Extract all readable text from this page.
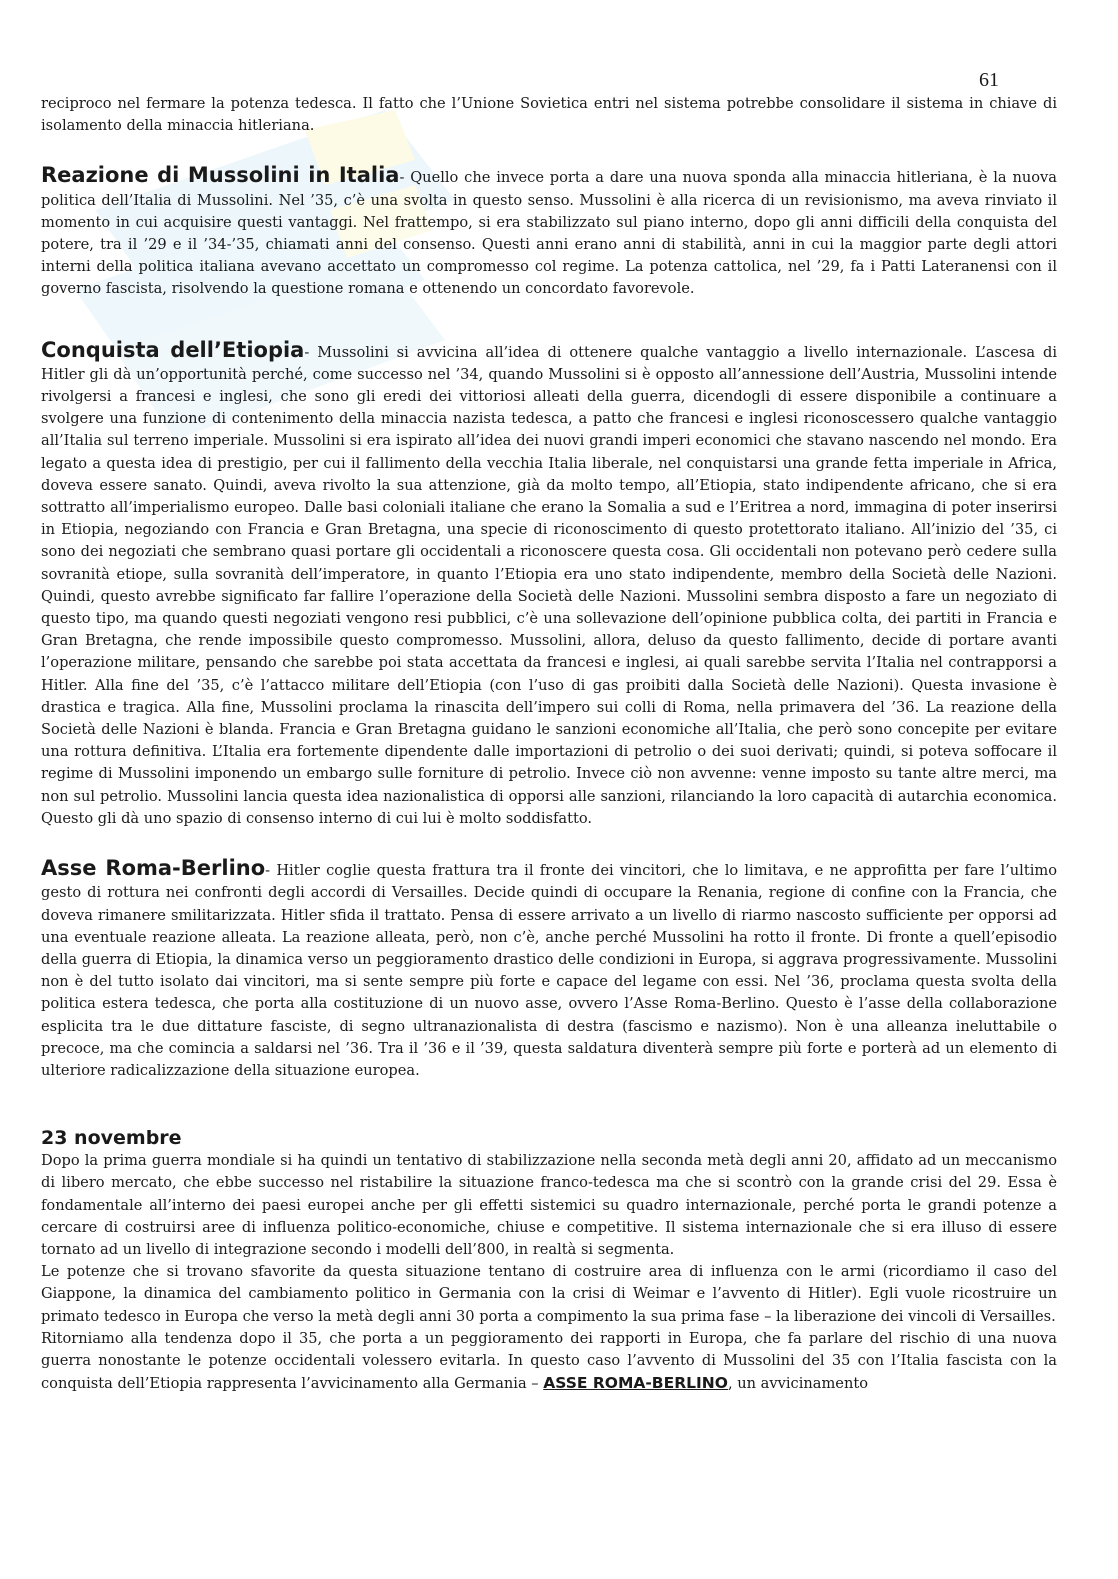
61

reciproco nel fermare la potenza tedesca. Il fatto che l’Unione Sovietica entri nel sistema potrebbe consolidare il sistema in chiave di isolamento della minaccia hitleriana.

Reazione di Mussolini in Italia- Quello che invece porta a dare una nuova sponda alla minaccia hitleriana, è la nuova politica dell’Italia di Mussolini. Nel ’35, c’è una svolta in questo senso. Mussolini è alla ricerca di un revisionismo, ma aveva rinviato il momento in cui acquisire questi vantaggi. Nel frattempo, si era stabilizzato sul piano interno, dopo gli anni difficili della conquista del potere, tra il ’29 e il ’34-’35, chiamati anni del consenso. Questi anni erano anni di stabilità, anni in cui la maggior parte degli attori interni della politica italiana avevano accettato un compromesso col regime. La potenza cattolica, nel ’29, fa i Patti Lateranensi con il governo fascista, risolvendo la questione romana e ottenendo un concordato favorevole.

Conquista dell’Etiopia- Mussolini si avvicina all’idea di ottenere qualche vantaggio a livello internazionale. L’ascesa di Hitler gli dà un’opportunità perché, come successo nel ’34, quando Mussolini si è opposto all’annessione dell’Austria, Mussolini intende rivolgersi a francesi e inglesi, che sono gli eredi dei vittoriosi alleati della guerra, dicendogli di essere disponibile a continuare a svolgere una funzione di contenimento della minaccia nazista tedesca, a patto che francesi e inglesi riconoscessero qualche vantaggio all’Italia sul terreno imperiale. Mussolini si era ispirato all’idea dei nuovi grandi imperi economici che stavano nascendo nel mondo. Era legato a questa idea di prestigio, per cui il fallimento della vecchia Italia liberale, nel conquistarsi una grande fetta imperiale in Africa, doveva essere sanato. Quindi, aveva rivolto la sua attenzione, già da molto tempo, all’Etiopia, stato indipendente africano, che si era sottratto all’imperialismo europeo. Dalle basi coloniali italiane che erano la Somalia a sud e l’Eritrea a nord, immagina di poter inserirsi in Etiopia, negoziando con Francia e Gran Bretagna, una specie di riconoscimento di questo protettorato italiano. All’inizio del ’35, ci sono dei negoziati che sembrano quasi portare gli occidentali a riconoscere questa cosa. Gli occidentali non potevano però cedere sulla sovranità etiope, sulla sovranità dell’imperatore, in quanto l’Etiopia era uno stato indipendente, membro della Società delle Nazioni. Quindi, questo avrebbe significato far fallire l’operazione della Società delle Nazioni. Mussolini sembra disposto a fare un negoziato di questo tipo, ma quando questi negoziati vengono resi pubblici, c’è una sollevazione dell’opinione pubblica colta, dei partiti in Francia e Gran Bretagna, che rende impossibile questo compromesso. Mussolini, allora, deluso da questo fallimento, decide di portare avanti l’operazione militare, pensando che sarebbe poi stata accettata da francesi e inglesi, ai quali sarebbe servita l’Italia nel contrapporsi a Hitler. Alla fine del ’35, c’è l’attacco militare dell’Etiopia (con l’uso di gas proibiti dalla Società delle Nazioni). Questa invasione è drastica e tragica. Alla fine, Mussolini proclama la rinascita dell’impero sui colli di Roma, nella primavera del ’36. La reazione della Società delle Nazioni è blanda. Francia e Gran Bretagna guidano le sanzioni economiche all’Italia, che però sono concepite per evitare una rottura definitiva. L’Italia era fortemente dipendente dalle importazioni di petrolio o dei suoi derivati; quindi, si poteva soffocare il regime di Mussolini imponendo un embargo sulle forniture di petrolio. Invece ciò non avvenne: venne imposto su tante altre merci, ma non sul petrolio. Mussolini lancia questa idea nazionalistica di opporsi alle sanzioni, rilanciando la loro capacità di autarchia economica. Questo gli dà uno spazio di consenso interno di cui lui è molto soddisfatto.

Asse Roma-Berlino- Hitler coglie questa frattura tra il fronte dei vincitori, che lo limitava, e ne approfitta per fare l’ultimo gesto di rottura nei confronti degli accordi di Versailles. Decide quindi di occupare la Renania, regione di confine con la Francia, che doveva rimanere smilitarizzata. Hitler sfida il trattato. Pensa di essere arrivato a un livello di riarmo nascosto sufficiente per opporsi ad una eventuale reazione alleata. La reazione alleata, però, non c’è, anche perché Mussolini ha rotto il fronte. Di fronte a quell’episodio della guerra di Etiopia, la dinamica verso un peggioramento drastico delle condizioni in Europa, si aggrava progressivamente. Mussolini non è del tutto isolato dai vincitori, ma si sente sempre più forte e capace del legame con essi. Nel ’36, proclama questa svolta della politica estera tedesca, che porta alla costituzione di un nuovo asse, ovvero l’Asse Roma-Berlino. Questo è l’asse della collaborazione esplicita tra le due dittature fasciste, di segno ultranazionalista di destra (fascismo e nazismo). Non è una alleanza ineluttabile o precoce, ma che comincia a saldarsi nel ’36. Tra il ’36 e il ’39, questa saldatura diventerà sempre più forte e porterà ad un elemento di ulteriore radicalizzazione della situazione europea.

23 novembre

Dopo la prima guerra mondiale si ha quindi un tentativo di stabilizzazione nella seconda metà degli anni 20, affidato ad un meccanismo di libero mercato, che ebbe successo nel ristabilire la situazione franco-tedesca ma che si scontrò con la grande crisi del 29. Essa è fondamentale all’interno dei paesi europei anche per gli effetti sistemici su quadro internazionale, perché porta le grandi potenze a cercare di costruirsi aree di influenza politico-economiche, chiuse e competitive. Il sistema internazionale che si era illuso di essere tornato ad un livello di integrazione secondo i modelli dell’800, in realtà si segmenta.

Le potenze che si trovano sfavorite da questa situazione tentano di costruire area di influenza con le armi (ricordiamo il caso del Giappone, la dinamica del cambiamento politico in Germania con la crisi di Weimar e l’avvento di Hitler). Egli vuole ricostruire un primato tedesco in Europa che verso la metà degli anni 30 porta a compimento la sua prima fase – la liberazione dei vincoli di Versailles.

Ritorniamo alla tendenza dopo il 35, che porta a un peggioramento dei rapporti in Europa, che fa parlare del rischio di una nuova guerra nonostante le potenze occidentali volessero evitarla. In questo caso l’avvento di Mussolini del 35 con l’Italia fascista con la conquista dell’Etiopia rappresenta l’avvicinamento alla Germania – ASSE ROMA-BERLINO, un avvicinamento
